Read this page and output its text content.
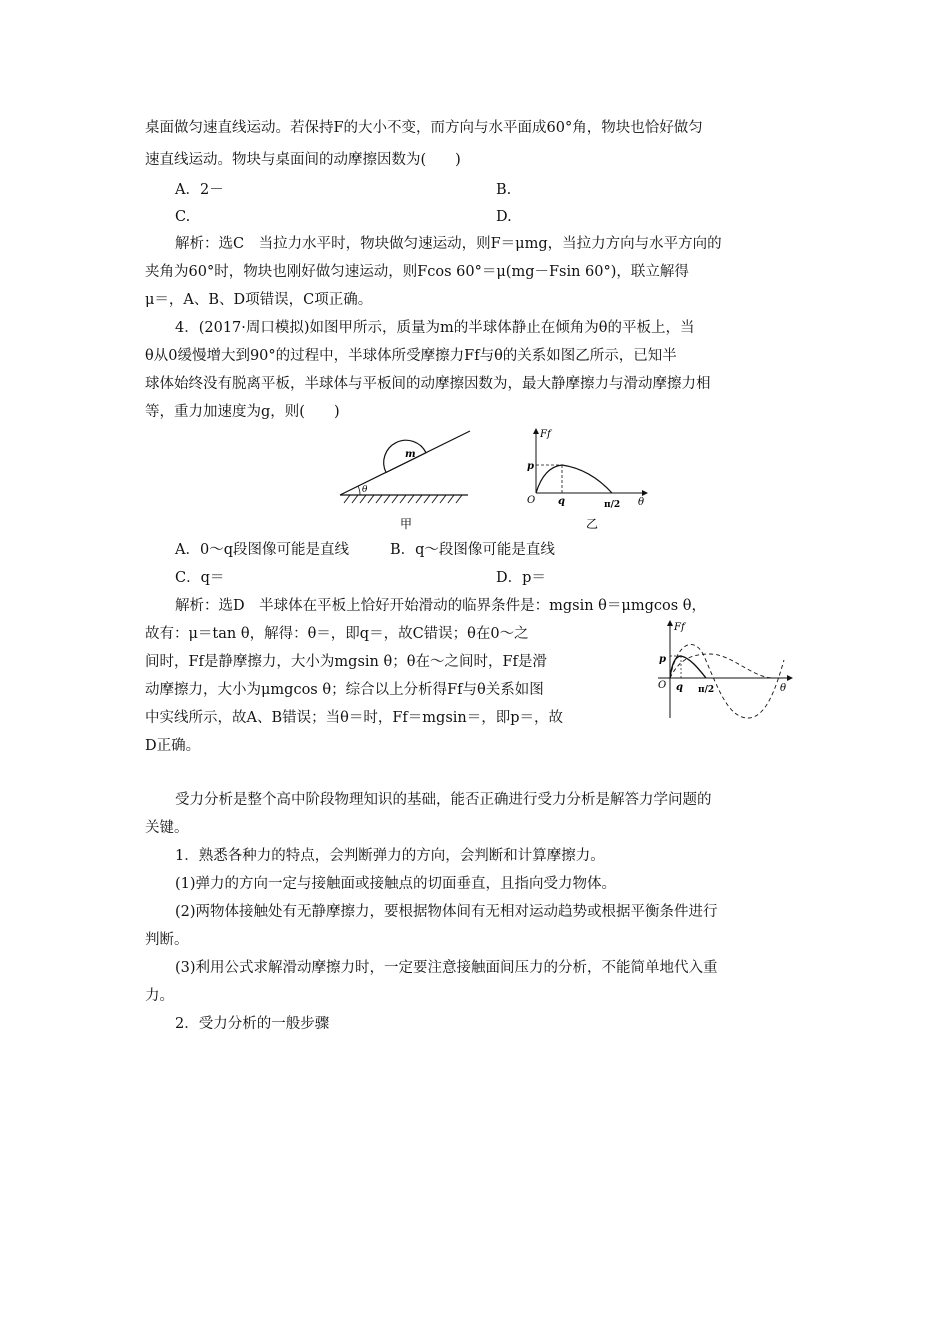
桌面做匀速直线运动。若保持F的大小不变，而方向与水平面成60°角，物块也恰好做匀
速直线运动。物块与桌面间的动摩擦因数为(　　)
A．2－	B.
C.	D.
解析：选C　当拉力水平时，物块做匀速运动，则F＝μmg，当拉力方向与水平方向的
夹角为60°时，物块也刚好做匀速运动，则Fcos 60°＝μ(mg－Fsin 60°)，联立解得
μ＝，A、B、D项错误，C项正确。
4．(2017·周口模拟)如图甲所示，质量为m的半球体静止在倾角为θ的平板上，当
θ从0缓慢增大到90°的过程中，半球体所受摩擦力Ff与θ的关系如图乙所示，已知半
球体始终没有脱离平板，半球体与平板间的动摩擦因数为，最大静摩擦力与滑动摩擦力相
等，重力加速度为g，则(　　)
θ
m
甲
Ff
θ
O
p
q	π/2
乙
A．0～q段图像可能是直线	B．q～段图像可能是直线
C．q＝	D．p＝
解析：选D　半球体在平板上恰好开始滑动的临界条件是：mgsin θ＝μmgcos θ，
故有：μ＝tan θ，解得：θ＝，即q＝，故C错误；θ在0～之
间时，Ff是静摩擦力，大小为mgsin θ；θ在～之间时，Ff是滑
动摩擦力，大小为μmgcos θ；综合以上分析得Ff与θ关系如图
中实线所示，故A、B错误；当θ＝时，Ff＝mgsin＝，即p＝，故
D正确。
Ff
θ
O
p
q π/2
受力分析是整个高中阶段物理知识的基础，能否正确进行受力分析是解答力学问题的
关键。
1．熟悉各种力的特点，会判断弹力的方向，会判断和计算摩擦力。
(1)弹力的方向一定与接触面或接触点的切面垂直，且指向受力物体。
(2)两物体接触处有无静摩擦力，要根据物体间有无相对运动趋势或根据平衡条件进行
判断。
(3)利用公式求解滑动摩擦力时，一定要注意接触面间压力的分析，不能简单地代入重
力。
2．受力分析的一般步骤
